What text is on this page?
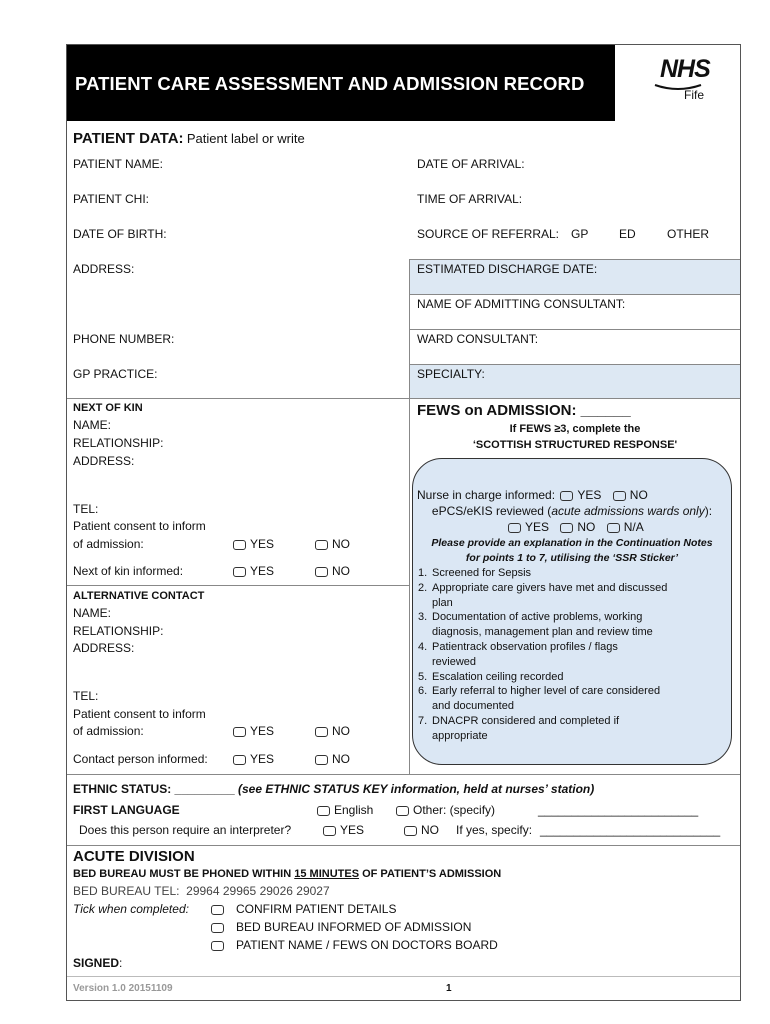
PATIENT CARE ASSESSMENT AND ADMISSION RECORD
NHS
Fife
PATIENT DATA: Patient label or write
PATIENT NAME:
PATIENT CHI:
DATE OF BIRTH:
ADDRESS:
PHONE NUMBER:
GP PRACTICE:
DATE OF ARRIVAL:
TIME OF ARRIVAL:
SOURCE OF REFERRAL: GP	ED	OTHER
ESTIMATED DISCHARGE DATE:
NAME OF ADMITTING CONSULTANT:
WARD CONSULTANT:
SPECIALTY:
NEXT OF KIN
NAME:
RELATIONSHIP:
ADDRESS:
TEL:
Patient consent to inform
of admission:	YES	NO
Next of kin informed:	YES	NO
ALTERNATIVE CONTACT
NAME:
RELATIONSHIP:
ADDRESS:
TEL:
Patient consent to inform
of admission:	YES	NO
Contact person informed:	YES	NO
FEWS on ADMISSION: ______
If FEWS ≥3, complete the
‘SCOTTISH STRUCTURED RESPONSE'
Nurse in charge informed: YES NO
ePCS/eKIS reviewed (acute admissions wards only):
YES NO N/A
Please provide an explanation in the Continuation Notes
for points 1 to 7, utilising the ‘SSR Sticker’
1. Screened for Sepsis
2. Appropriate care givers have met and discussed
plan
3. Documentation of active problems, working
diagnosis, management plan and review time
4. Patientrack observation profiles / flags
reviewed
5. Escalation ceiling recorded
6. Early referral to higher level of care considered
and documented
7. DNACPR considered and completed if
appropriate
ETHNIC STATUS: _________ (see ETHNIC STATUS KEY information, held at nurses’ station)
FIRST LANGUAGE	English	Other: (specify)	________________________
Does this person require an interpreter?	YES	NO If yes, specify: ___________________________
ACUTE DIVISION
BED BUREAU MUST BE PHONED WITHIN 15 MINUTES OF PATIENT’S ADMISSION
BED BUREAU TEL: 29964 29965 29026 29027
Tick when completed:	CONFIRM PATIENT DETAILS
BED BUREAU INFORMED OF ADMISSION
PATIENT NAME / FEWS ON DOCTORS BOARD
SIGNED:
Version 1.0 20151109	1
